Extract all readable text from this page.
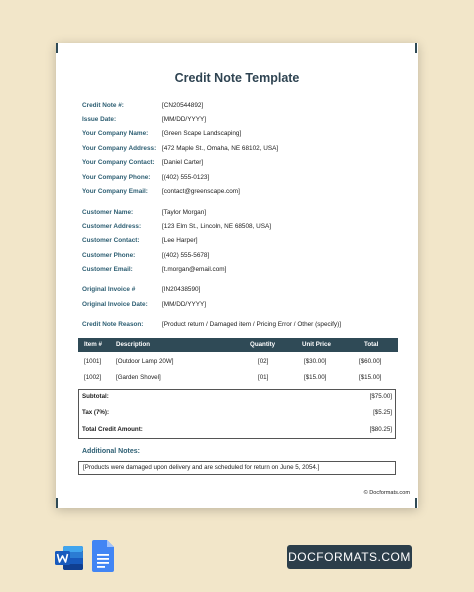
Credit Note Template
Credit Note #:	[CN20544892]
Issue Date:	[MM/DD/YYYY]
Your Company Name: [Green Scape Landscaping]
Your Company Address: [472 Maple St., Omaha, NE 68102, USA]
Your Company Contact: [Daniel Carter]
Your Company Phone: [(402) 555-0123]
Your Company Email: [contact@greenscape.com]
Customer Name:	[Taylor Morgan]
Customer Address:	[123 Elm St., Lincoln, NE 68508, USA]
Customer Contact:	[Lee Harper]
Customer Phone:	[(402) 555-5678]
Customer Email:	[t.morgan@email.com]
Original Invoice #	[IN20438590]
Original Invoice Date: [MM/DD/YYYY]
Credit Note Reason:	[Product return / Damaged item / Pricing Error / Other (specify)]
Item # Description	Quantity	Unit Price	Total
[1001] [Outdoor Lamp 20W]	[02]	[$30.00]	[$60.00]
[1002] [Garden Shovel]	[01]	[$15.00]	[$15.00]
Subtotal:	[$75.00]
Tax (7%):	[$5.25]
Total Credit Amount:	[$80.25]
Additional Notes:
[Products were damaged upon delivery and are scheduled for return on June 5, 2054.]
© Docformats.com
DOCFORMATS.COM
